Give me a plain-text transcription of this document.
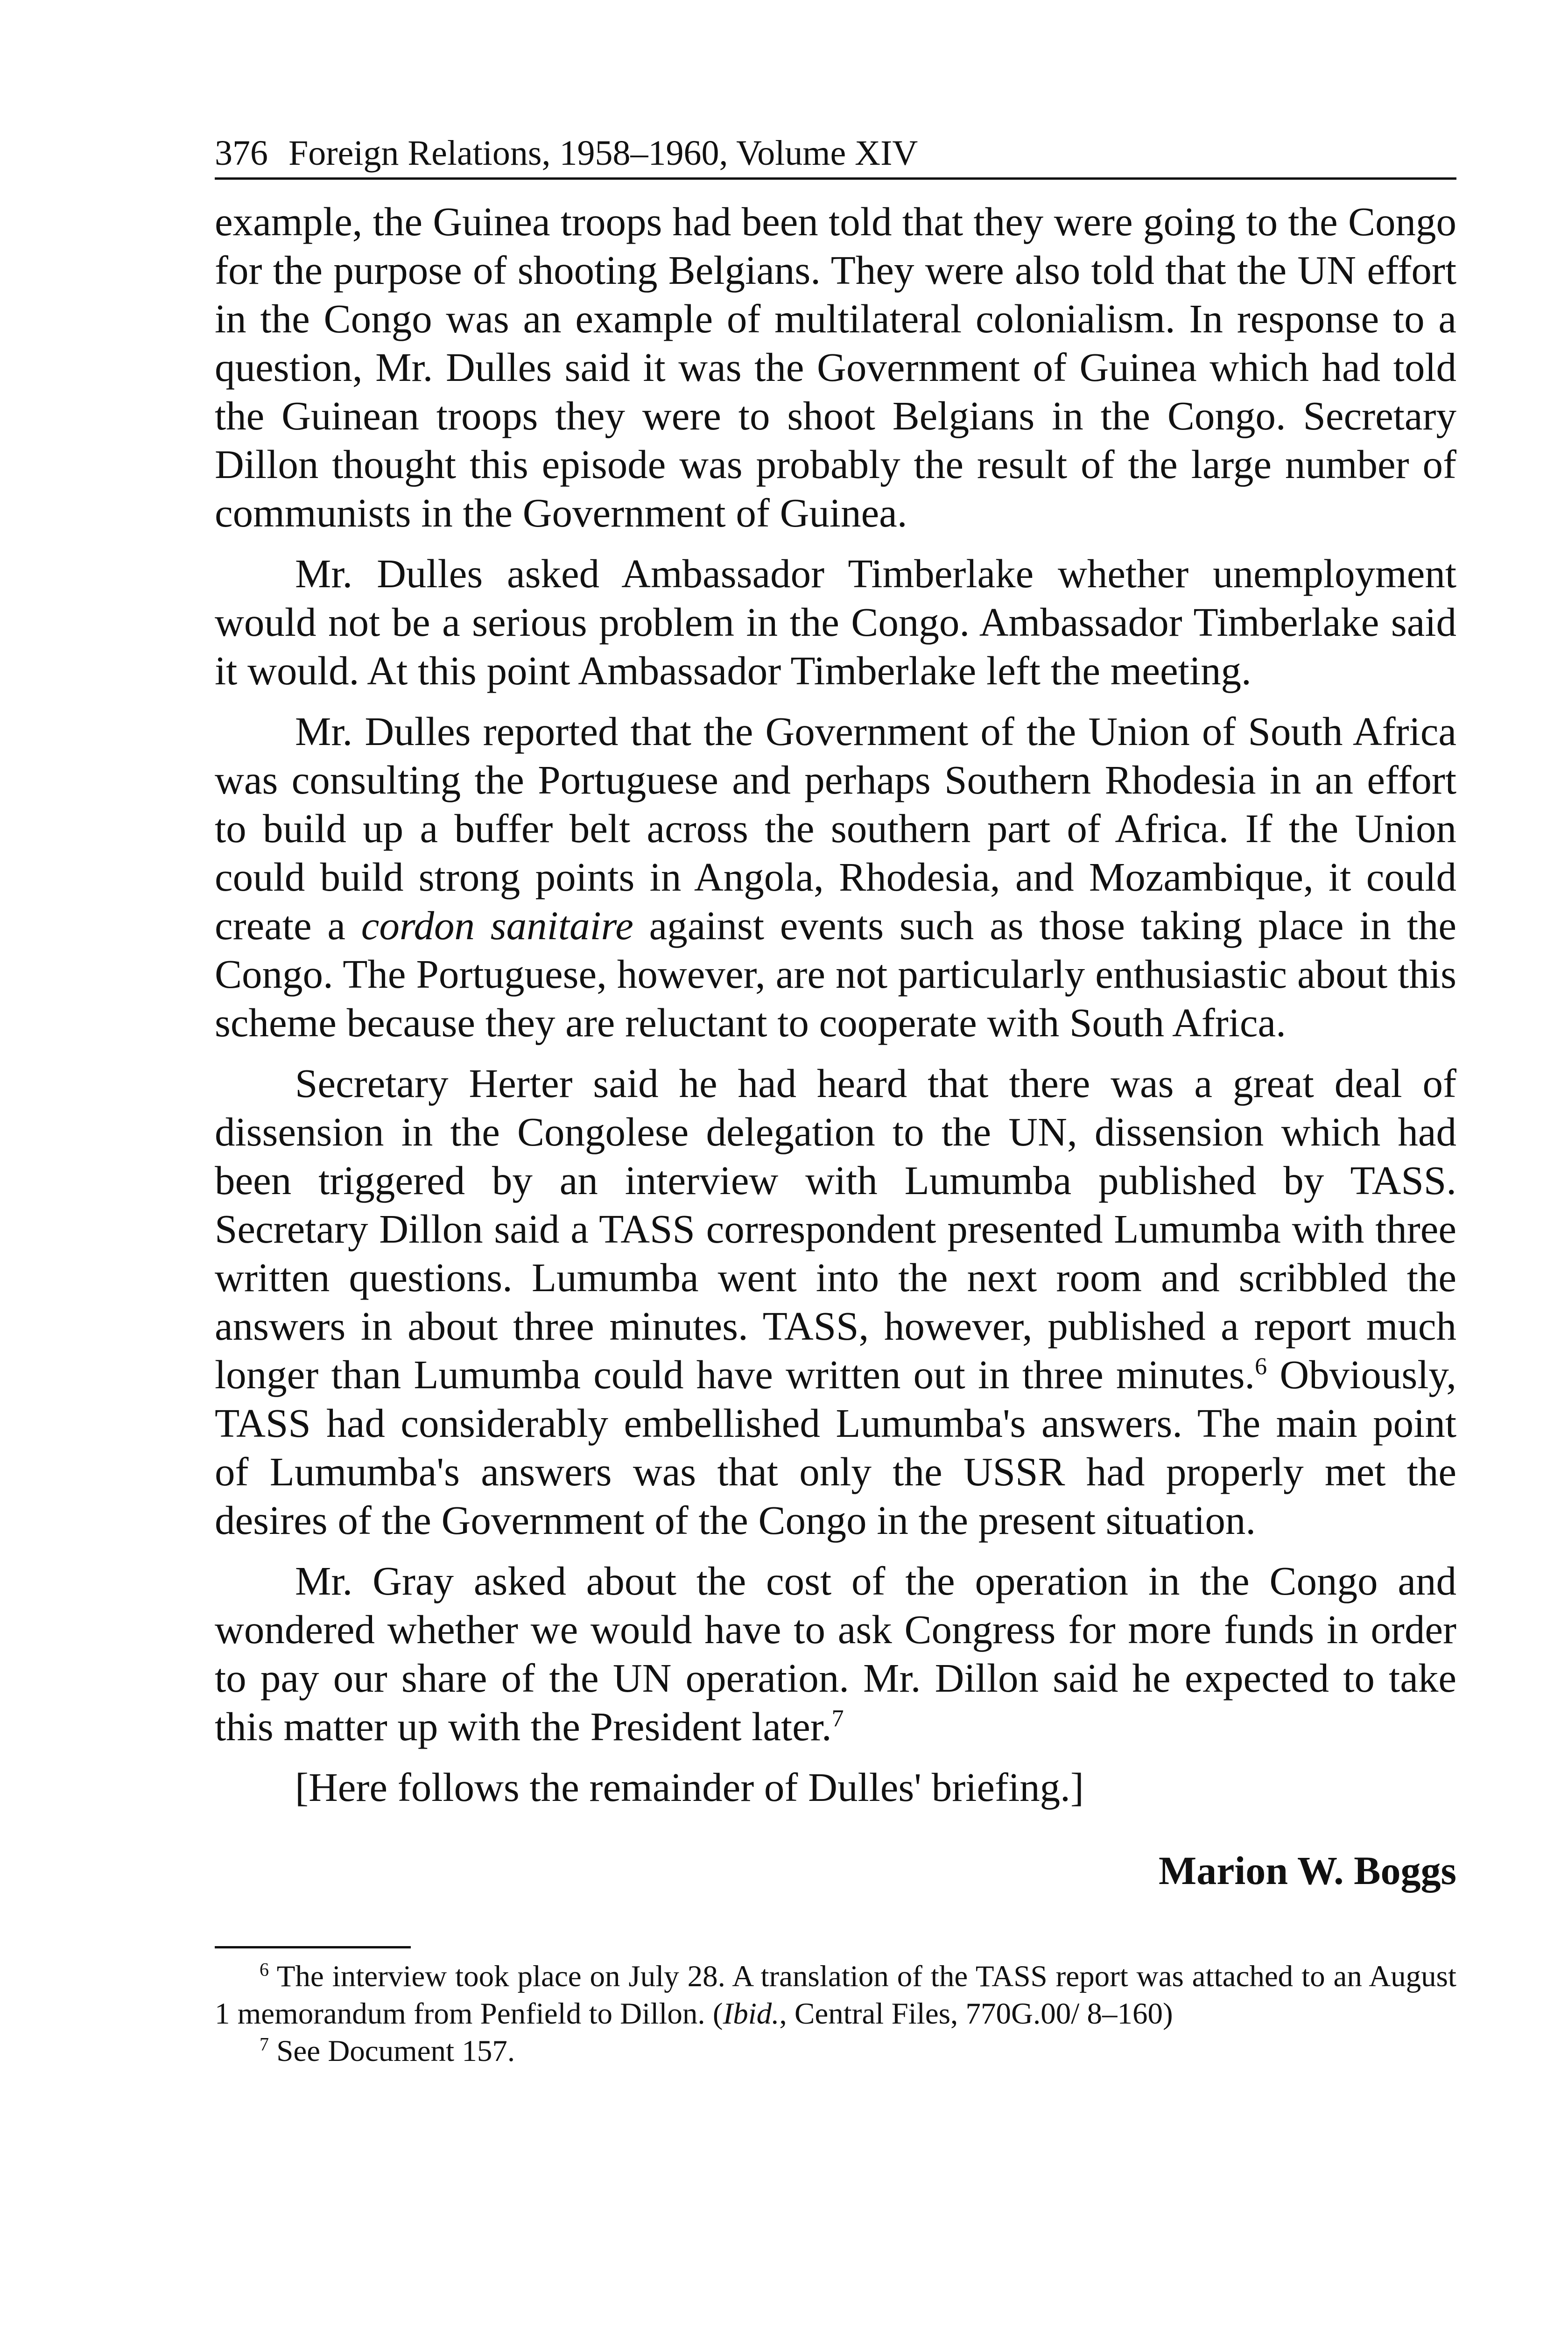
376 Foreign Relations, 1958–1960, Volume XIV

example, the Guinea troops had been told that they were going to the Congo for the purpose of shooting Belgians. They were also told that the UN effort in the Congo was an example of multilateral colonialism. In response to a question, Mr. Dulles said it was the Government of Guinea which had told the Guinean troops they were to shoot Belgians in the Congo. Secretary Dillon thought this episode was probably the result of the large number of communists in the Government of Guinea.

Mr. Dulles asked Ambassador Timberlake whether unemployment would not be a serious problem in the Congo. Ambassador Timberlake said it would. At this point Ambassador Timberlake left the meeting.

Mr. Dulles reported that the Government of the Union of South Africa was consulting the Portuguese and perhaps Southern Rhodesia in an effort to build up a buffer belt across the southern part of Africa. If the Union could build strong points in Angola, Rhodesia, and Mozambique, it could create a cordon sanitaire against events such as those taking place in the Congo. The Portuguese, however, are not particularly enthusiastic about this scheme because they are reluctant to cooperate with South Africa.

Secretary Herter said he had heard that there was a great deal of dissension in the Congolese delegation to the UN, dissension which had been triggered by an interview with Lumumba published by TASS. Secretary Dillon said a TASS correspondent presented Lumumba with three written questions. Lumumba went into the next room and scribbled the answers in about three minutes. TASS, however, published a report much longer than Lumumba could have written out in three minutes.$^6$ Obviously, TASS had considerably embellished Lumumba's answers. The main point of Lumumba's answers was that only the USSR had properly met the desires of the Government of the Congo in the present situation.

Mr. Gray asked about the cost of the operation in the Congo and wondered whether we would have to ask Congress for more funds in order to pay our share of the UN operation. Mr. Dillon said he expected to take this matter up with the President later.$^7$

[Here follows the remainder of Dulles' briefing.]

Marion W. Boggs

$^6$ The interview took place on July 28. A translation of the TASS report was attached to an August 1 memorandum from Penfield to Dillon. (Ibid., Central Files, 770G.00/ 8–160)

$^7$ See Document 157.
